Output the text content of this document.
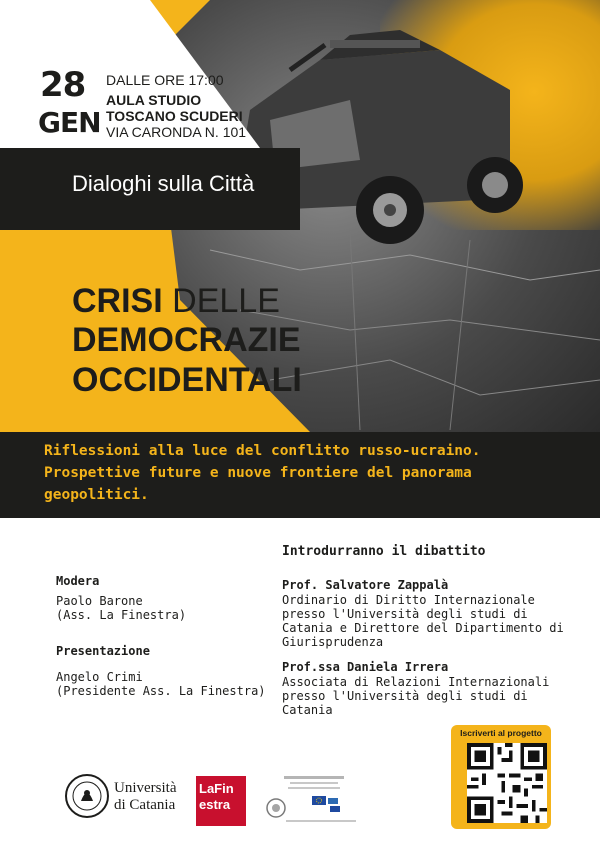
28
GEN
DALLE ORE 17:00
AULA STUDIO
TOSCANO SCUDERI
VIA CARONDA N. 101
Dialoghi sulla Città
CRISI DELLE
DEMOCRAZIE
OCCIDENTALI
Riflessioni alla luce del conflitto russo-ucraino. Prospettive future e nuove frontiere del panorama geopolitici.
Introdurranno il dibattito
Modera
Paolo Barone
(Ass. La Finestra)
Presentazione
Angelo Crimi
(Presidente Ass. La Finestra)
Prof. Salvatore Zappalà
Ordinario di Diritto Internazionale presso l'Università degli studi di Catania e Direttore del Dipartimento di Giurisprudenza
Prof.ssa Daniela Irrera
Associata di Relazioni Internazionali presso l'Università degli studi di Catania
Iscriverti al progetto
Università
di Catania
LaFin
estra
